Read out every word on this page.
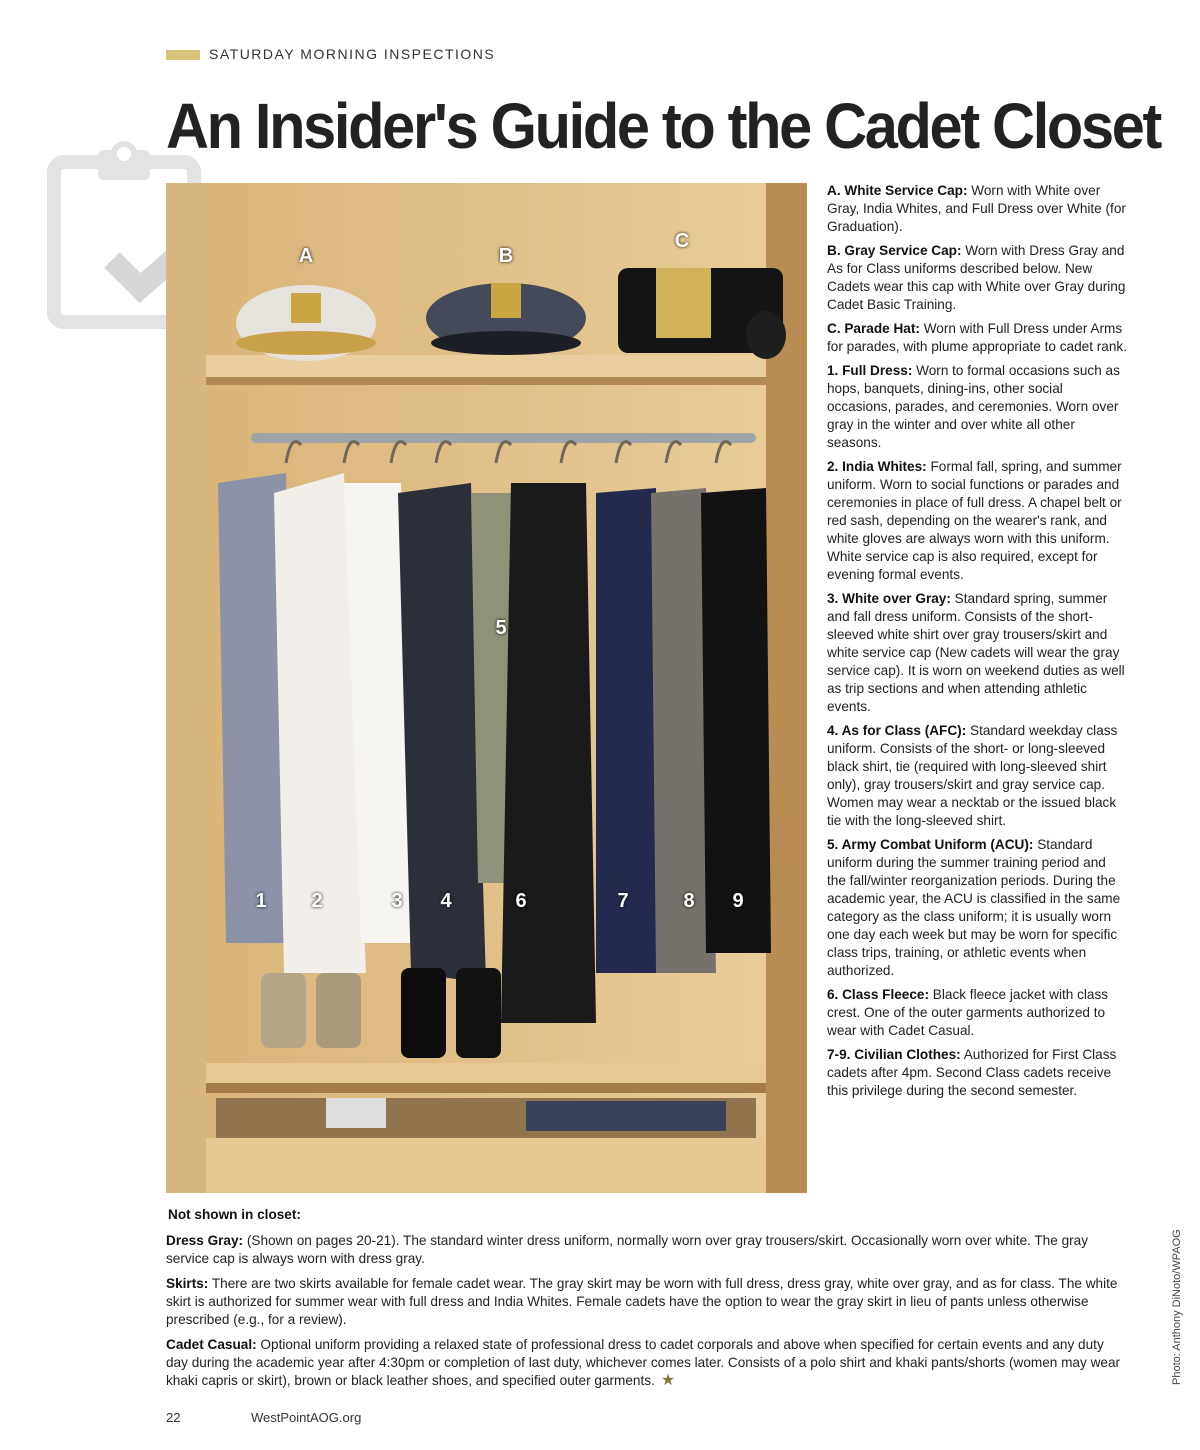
SATURDAY MORNING INSPECTIONS
An Insider's Guide to the Cadet Closet
A	B
C
5
1 2	3 4	6	7	8 9

A. White Service Cap: Worn with White over Gray, India Whites, and Full Dress over White (for Graduation).

B. Gray Service Cap: Worn with Dress Gray and As for Class uniforms described below. New Cadets wear this cap with White over Gray during Cadet Basic Training.

C. Parade Hat: Worn with Full Dress under Arms for parades, with plume appropriate to cadet rank.

1. Full Dress: Worn to formal occasions such as hops, banquets, dining-ins, other social occasions, parades, and ceremonies. Worn over gray in the winter and over white all other seasons.

2. India Whites: Formal fall, spring, and summer uniform. Worn to social functions or parades and ceremonies in place of full dress. A chapel belt or red sash, depending on the wearer's rank, and white gloves are always worn with this uniform. White service cap is also required, except for evening formal events.

3. White over Gray: Standard spring, summer and fall dress uniform. Consists of the short-sleeved white shirt over gray trousers/skirt and white service cap (New cadets will wear the gray service cap). It is worn on weekend duties as well as trip sections and when attending athletic events.

4. As for Class (AFC): Standard weekday class uniform. Consists of the short- or long-sleeved black shirt, tie (required with long-sleeved shirt only), gray trousers/skirt and gray service cap. Women may wear a necktab or the issued black tie with the long-sleeved shirt.

5. Army Combat Uniform (ACU): Standard uniform during the summer training period and the fall/winter reorganization periods. During the academic year, the ACU is classified in the same category as the class uniform; it is usually worn one day each week but may be worn for specific class trips, training, or athletic events when authorized.

6. Class Fleece: Black fleece jacket with class crest. One of the outer garments authorized to wear with Cadet Casual.

7-9. Civilian Clothes: Authorized for First Class cadets after 4pm. Second Class cadets receive this privilege during the second semester.

Not shown in closet:

Dress Gray: (Shown on pages 20-21). The standard winter dress uniform, normally worn over gray trousers/skirt. Occasionally worn over white. The gray service cap is always worn with dress gray.

Skirts: There are two skirts available for female cadet wear. The gray skirt may be worn with full dress, dress gray, white over gray, and as for class. The white skirt is authorized for summer wear with full dress and India Whites. Female cadets have the option to wear the gray skirt in lieu of pants unless otherwise prescribed (e.g., for a review).

Cadet Casual: Optional uniform providing a relaxed state of professional dress to cadet corporals and above when specified for certain events and any duty day during the academic year after 4:30pm or completion of last duty, whichever comes later. Consists of a polo shirt and khaki pants/shorts (women may wear khaki capris or skirt), brown or black leather shoes, and specified outer garments. ★

22	WestPointAOG.org
Photo: Anthony DiNoto/WPAOG
